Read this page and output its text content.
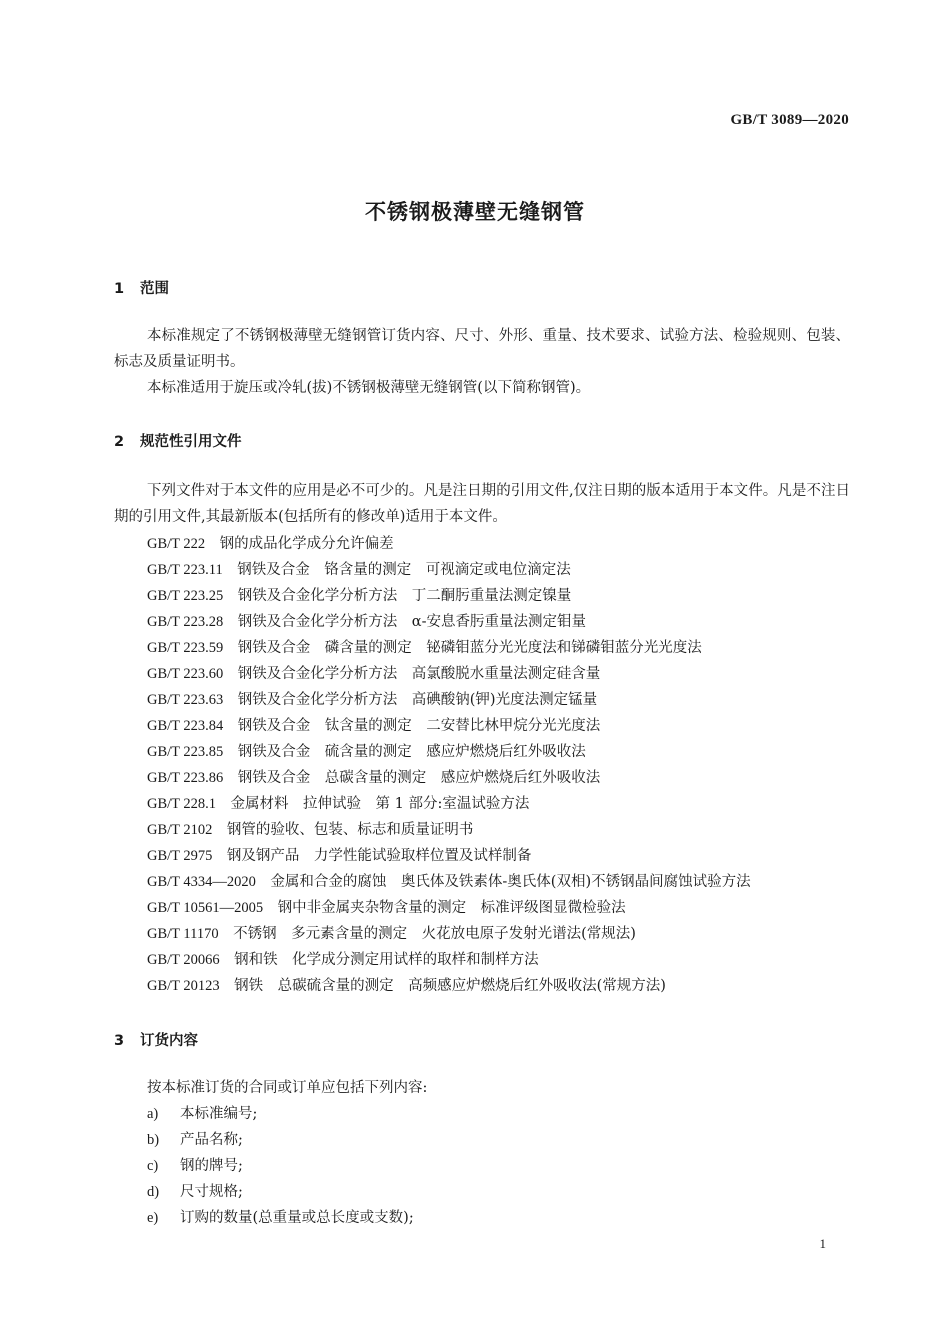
GB/T 3089—2020
不锈钢极薄壁无缝钢管
1 范围
本标准规定了不锈钢极薄壁无缝钢管订货内容、尺寸、外形、重量、技术要求、试验方法、检验规则、包装、标志及质量证明书。
本标准适用于旋压或冷轧(拔)不锈钢极薄壁无缝钢管(以下简称钢管)。
2 规范性引用文件
下列文件对于本文件的应用是必不可少的。凡是注日期的引用文件,仅注日期的版本适用于本文件。凡是不注日期的引用文件,其最新版本(包括所有的修改单)适用于本文件。
GB/T 222　 钢的成品化学成分允许偏差
GB/T 223.11　 钢铁及合金　铬含量的测定　可视滴定或电位滴定法
GB/T 223.25　 钢铁及合金化学分析方法　丁二酮肟重量法测定镍量
GB/T 223.28　 钢铁及合金化学分析方法　α-安息香肟重量法测定钼量
GB/T 223.59　 钢铁及合金　磷含量的测定　铋磷钼蓝分光光度法和锑磷钼蓝分光光度法
GB/T 223.60　 钢铁及合金化学分析方法　高氯酸脱水重量法测定硅含量
GB/T 223.63　 钢铁及合金化学分析方法　高碘酸钠(钾)光度法测定锰量
GB/T 223.84　 钢铁及合金　钛含量的测定　二安替比林甲烷分光光度法
GB/T 223.85　 钢铁及合金　硫含量的测定　感应炉燃烧后红外吸收法
GB/T 223.86　 钢铁及合金　总碳含量的测定　感应炉燃烧后红外吸收法
GB/T 228.1　 金属材料　拉伸试验　第 1 部分:室温试验方法
GB/T 2102　 钢管的验收、包装、标志和质量证明书
GB/T 2975　 钢及钢产品　力学性能试验取样位置及试样制备
GB/T 4334—2020　 金属和合金的腐蚀　奥氏体及铁素体-奥氏体(双相)不锈钢晶间腐蚀试验方法
GB/T 10561—2005　 钢中非金属夹杂物含量的测定　标准评级图显微检验法
GB/T 11170　 不锈钢　多元素含量的测定　火花放电原子发射光谱法(常规法)
GB/T 20066　 钢和铁　化学成分测定用试样的取样和制样方法
GB/T 20123　 钢铁　总碳硫含量的测定　高频感应炉燃烧后红外吸收法(常规方法)
3 订货内容
按本标准订货的合同或订单应包括下列内容:
a) 本标准编号;
b) 产品名称;
c) 钢的牌号;
d) 尺寸规格;
e) 订购的数量(总重量或总长度或支数);
1
